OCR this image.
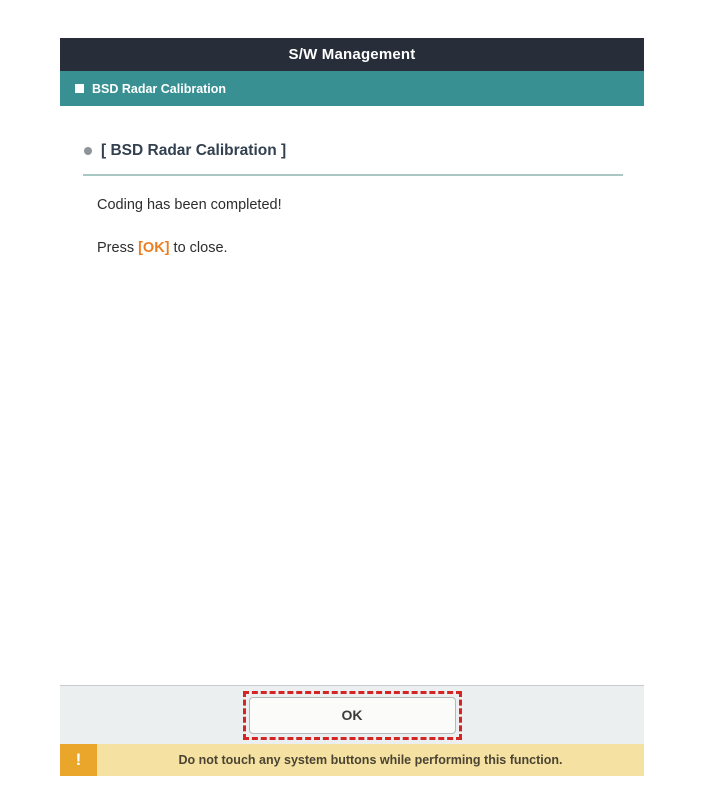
S/W Management
BSD Radar Calibration
[ BSD Radar Calibration ]
Coding has been completed!
Press [OK] to close.
OK
!	Do not touch any system buttons while performing this function.
